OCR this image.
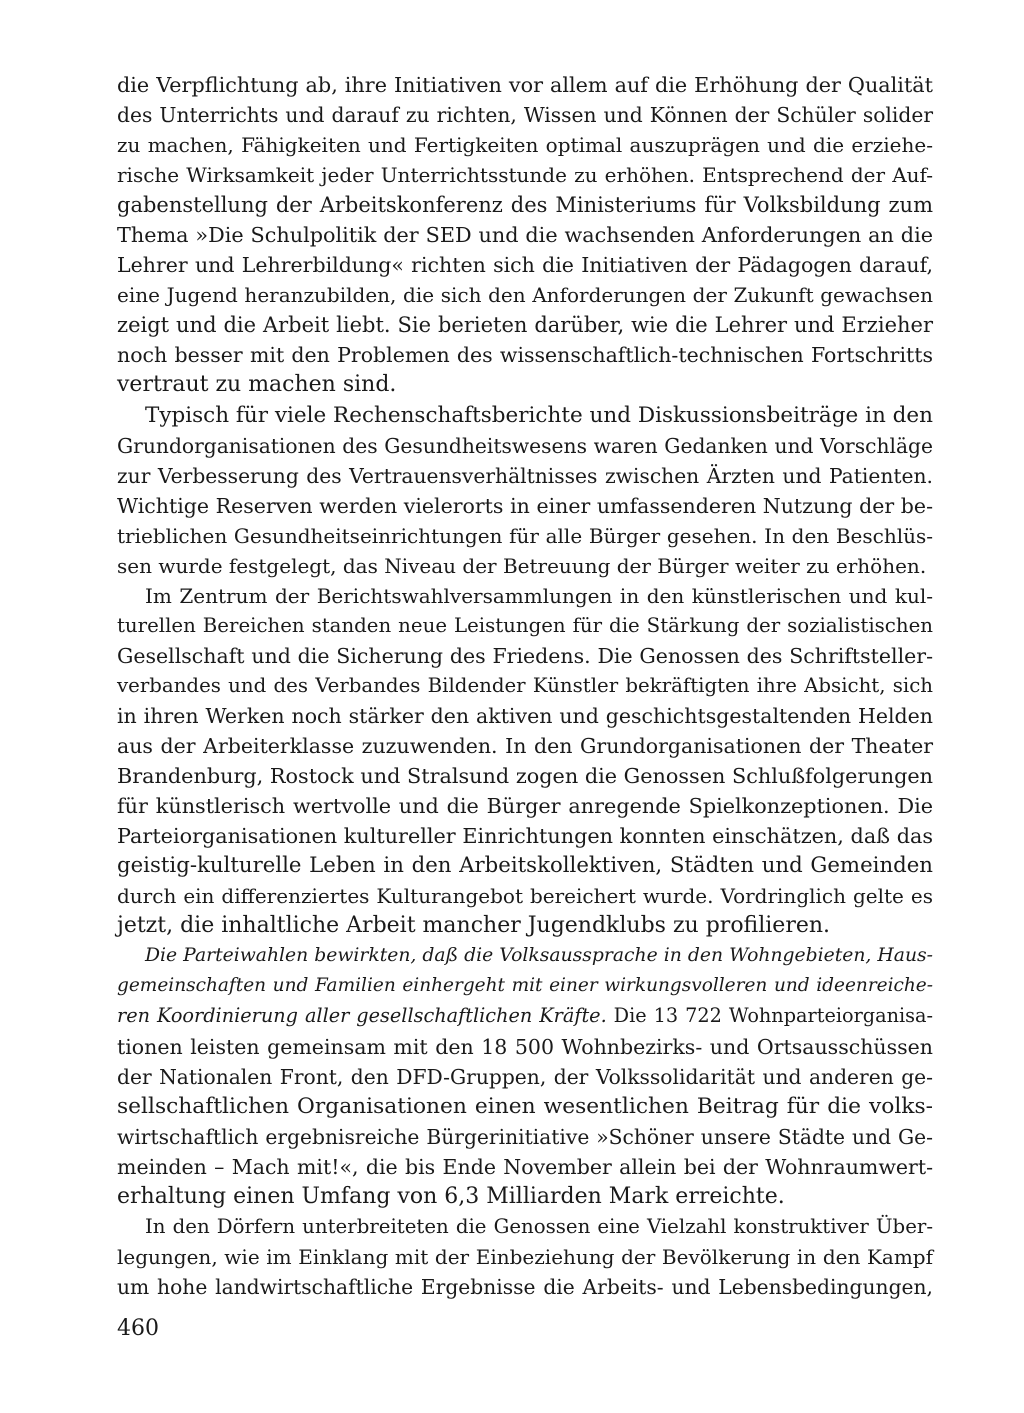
die Verpflichtung ab, ihre Initiativen vor allem auf die Erhöhung der Qualität
des Unterrichts und darauf zu richten, Wissen und Können der Schüler solider
zu machen, Fähigkeiten und Fertigkeiten optimal auszuprägen und die erziehe-
rische Wirksamkeit jeder Unterrichtsstunde zu erhöhen. Entsprechend der Auf-
gabenstellung der Arbeitskonferenz des Ministeriums für Volksbildung zum
Thema »Die Schulpolitik der SED und die wachsenden Anforderungen an die
Lehrer und Lehrerbildung« richten sich die Initiativen der Pädagogen darauf,
eine Jugend heranzubilden, die sich den Anforderungen der Zukunft gewachsen
zeigt und die Arbeit liebt. Sie berieten darüber, wie die Lehrer und Erzieher
noch besser mit den Problemen des wissenschaftlich-technischen Fortschritts
vertraut zu machen sind.
Typisch für viele Rechenschaftsberichte und Diskussionsbeiträge in den
Grundorganisationen des Gesundheitswesens waren Gedanken und Vorschläge
zur Verbesserung des Vertrauensverhältnisses zwischen Ärzten und Patienten.
Wichtige Reserven werden vielerorts in einer umfassenderen Nutzung der be-
trieblichen Gesundheitseinrichtungen für alle Bürger gesehen. In den Beschlüs-
sen wurde festgelegt, das Niveau der Betreuung der Bürger weiter zu erhöhen.
Im Zentrum der Berichtswahlversammlungen in den künstlerischen und kul-
turellen Bereichen standen neue Leistungen für die Stärkung der sozialistischen
Gesellschaft und die Sicherung des Friedens. Die Genossen des Schriftsteller-
verbandes und des Verbandes Bildender Künstler bekräftigten ihre Absicht, sich
in ihren Werken noch stärker den aktiven und geschichtsgestaltenden Helden
aus der Arbeiterklasse zuzuwenden. In den Grundorganisationen der Theater
Brandenburg, Rostock und Stralsund zogen die Genossen Schlußfolgerungen
für künstlerisch wertvolle und die Bürger anregende Spielkonzeptionen. Die
Parteiorganisationen kultureller Einrichtungen konnten einschätzen, daß das
geistig-kulturelle Leben in den Arbeitskollektiven, Städten und Gemeinden
durch ein differenziertes Kulturangebot bereichert wurde. Vordringlich gelte es
jetzt, die inhaltliche Arbeit mancher Jugendklubs zu profilieren.
Die Parteiwahlen bewirkten, daß die Volksaussprache in den Wohngebieten, Haus-
gemeinschaften und Familien einhergeht mit einer wirkungsvolleren und ideenreiche-
ren Koordinierung aller gesellschaftlichen Kräfte. Die 13 722 Wohnparteiorganisa-
tionen leisten gemeinsam mit den 18 500 Wohnbezirks- und Ortsausschüssen
der Nationalen Front, den DFD-Gruppen, der Volkssolidarität und anderen ge-
sellschaftlichen Organisationen einen wesentlichen Beitrag für die volks-
wirtschaftlich ergebnisreiche Bürgerinitiative »Schöner unsere Städte und Ge-
meinden – Mach mit!«, die bis Ende November allein bei der Wohnraumwert-
erhaltung einen Umfang von 6,3 Milliarden Mark erreichte.
In den Dörfern unterbreiteten die Genossen eine Vielzahl konstruktiver Über-
legungen, wie im Einklang mit der Einbeziehung der Bevölkerung in den Kampf
um hohe landwirtschaftliche Ergebnisse die Arbeits- und Lebensbedingungen,
460
